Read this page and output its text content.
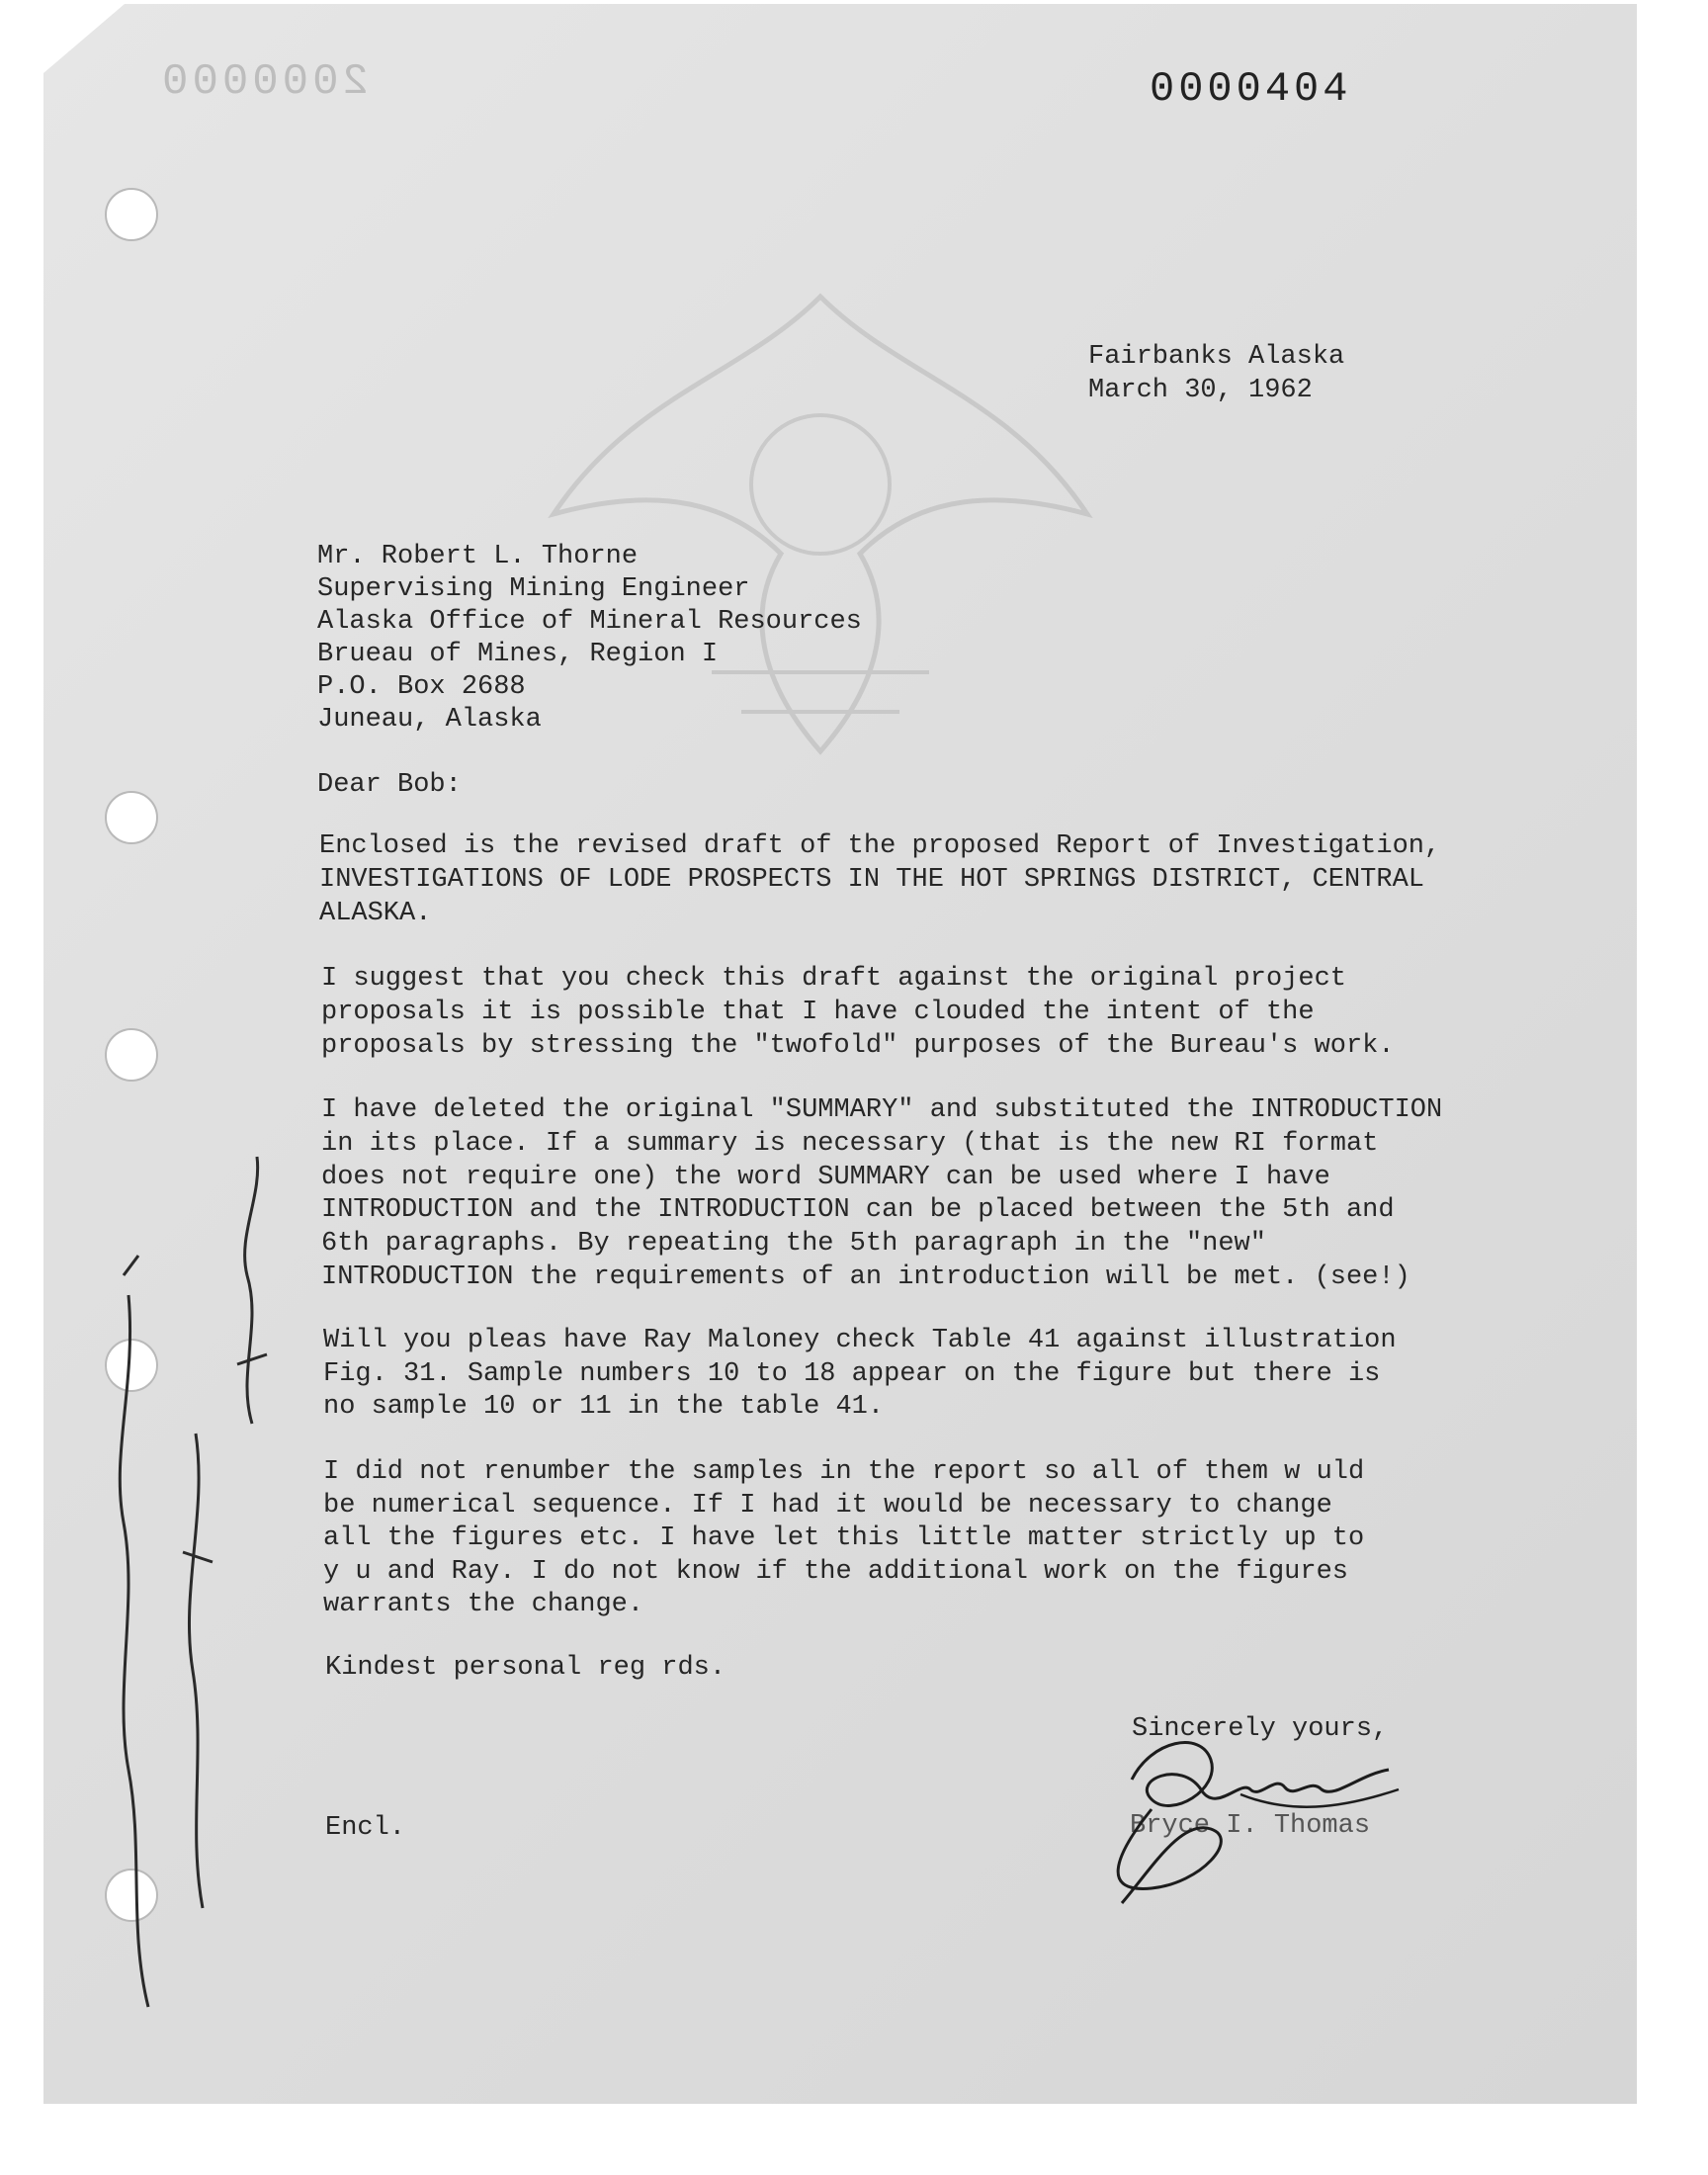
2000000	0000404
Fairbanks Alaska
March 30, 1962
Mr. Robert L. Thorne
Supervising Mining Engineer
Alaska Office of Mineral Resources
Brueau of Mines, Region I
P.O. Box 2688
Juneau, Alaska
Dear Bob:
Enclosed is the revised draft of the proposed Report of Investigation,
INVESTIGATIONS OF LODE PROSPECTS IN THE HOT SPRINGS DISTRICT, CENTRAL
ALASKA.
I suggest that you check this draft against the original project
proposals it is possible that I have clouded the intent of the
proposals by stressing the "twofold" purposes of the Bureau's work.
I have deleted the original "SUMMARY" and substituted the INTRODUCTION
in its place. If a summary is necessary (that is the new RI format
does not require one) the word SUMMARY can be used where I have
INTRODUCTION and the INTRODUCTION can be placed between the 5th and
6th paragraphs. By repeating the 5th paragraph in the "new"
INTRODUCTION the requirements of an introduction will be met. (see!)
Will you pleas have Ray Maloney check Table 41 against illustration
Fig. 31. Sample numbers 10 to 18 appear on the figure but there is
no sample 10 or 11 in the table 41.
I did not renumber the samples in the report so all of them w uld
be numerical sequence. If I had it would be necessary to change
all the figures etc. I have let this little matter strictly up to
y u and Ray. I do not know if the additional work on the figures
warrants the change.
Kindest personal reg rds.
Sincerely yours,
Bryce I. Thomas
Encl.
